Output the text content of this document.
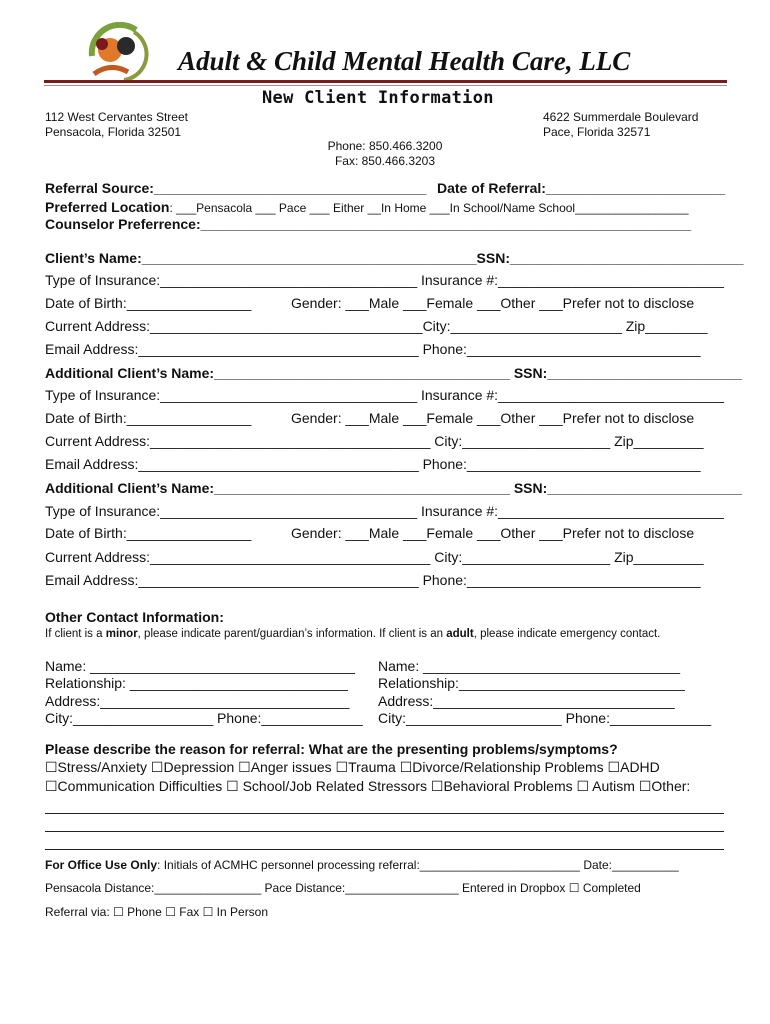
Adult & Child Mental Health Care, LLC
New Client Information
112 West Cervantes Street
Pensacola, Florida 32501
4622 Summerdale Boulevard
Pace, Florida 32571
Phone: 850.466.3200
Fax: 850.466.3203
Referral Source:___________________________________ Date of Referral:_______________________
Preferred Location: ___Pensacola ___ Pace ___ Either __In Home ___In School/Name School_________________
Counselor Preferrence:_______________________________________________________________
Client’s Name:___________________________________________SSN:______________________________
Type of Insurance:_________________________________ Insurance #:_____________________________
Date of Birth:________________	Gender: ___Male ___Female ___Other ___Prefer not to disclose
Current Address:___________________________________City:______________________ Zip________
Email Address:____________________________________ Phone:______________________________
Additional Client’s Name:______________________________________ SSN:_________________________
Type of Insurance:_________________________________ Insurance #:_____________________________
Date of Birth:________________	Gender: ___Male ___Female ___Other ___Prefer not to disclose
Current Address:____________________________________ City:___________________ Zip_________
Email Address:____________________________________ Phone:______________________________
Additional Client’s Name:______________________________________ SSN:_________________________
Type of Insurance:_________________________________ Insurance #:_____________________________
Date of Birth:________________	Gender: ___Male ___Female ___Other ___Prefer not to disclose
Current Address:____________________________________ City:___________________ Zip_________
Email Address:____________________________________ Phone:______________________________
Other Contact Information:
If client is a minor, please indicate parent/guardian’s information. If client is an adult, please indicate emergency contact.
Name: __________________________________
Relationship: ____________________________
Address:________________________________
City:__________________ Phone:_____________
Name: _________________________________
Relationship:_____________________________
Address:_______________________________
City:____________________ Phone:_____________
Please describe the reason for referral: What are the presenting problems/symptoms?
☐Stress/Anxiety ☐Depression ☐Anger issues ☐Trauma ☐Divorce/Relationship Problems ☐ADHD
☐Communication Difficulties ☐ School/Job Related Stressors ☐Behavioral Problems ☐ Autism ☐Other:
For Office Use Only: Initials of ACMHC personnel processing referral:________________________ Date:__________
Pensacola Distance:________________ Pace Distance:_________________ Entered in Dropbox ☐ Completed
Referral via: ☐ Phone ☐ Fax ☐ In Person
